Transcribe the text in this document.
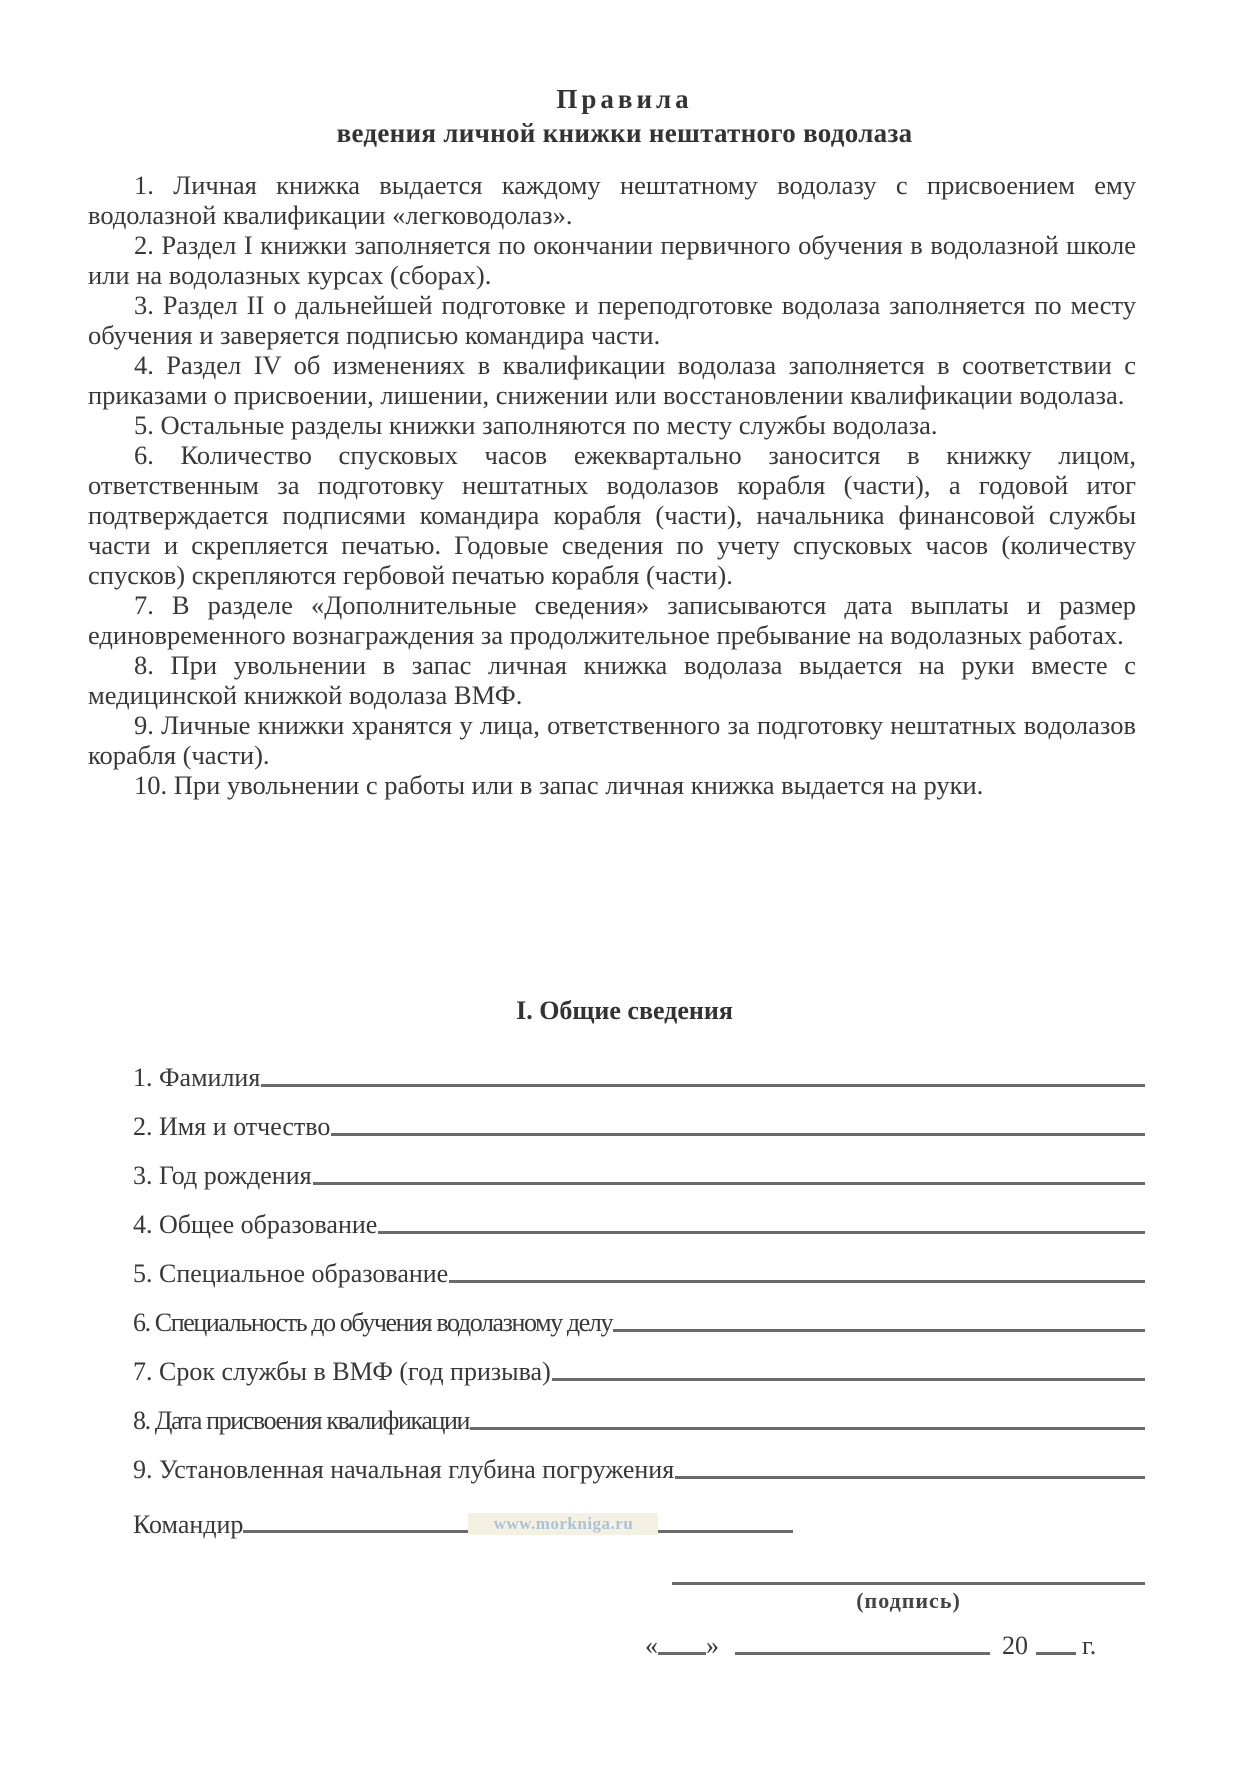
Правила
ведения личной книжки нештатного водолаза

1. Личная книжка выдается каждому нештатному водолазу с присвоением ему водолазной квалификации «легководолаз».

2. Раздел I книжки заполняется по окончании первичного обучения в водолазной школе или на водолазных курсах (сборах).

3. Раздел II о дальнейшей подготовке и переподготовке водолаза заполняется по месту обучения и заверяется подписью командира части.

4. Раздел IV об изменениях в квалификации водолаза заполняется в соответствии с приказами о присвоении, лишении, снижении или восстановлении квалификации водолаза.

5. Остальные разделы книжки заполняются по месту службы водолаза.

6. Количество спусковых часов ежеквартально заносится в книжку лицом, ответственным за подготовку нештатных водолазов корабля (части), а годовой итог подтверждается подписями командира корабля (части), начальника финансовой службы части и скрепляется печатью. Годовые сведения по учету спусковых часов (количеству спусков) скрепляются гербовой печатью корабля (части).

7. В разделе «Дополнительные сведения» записываются дата выплаты и размер единовременного вознаграждения за продолжительное пребывание на водолазных работах.

8. При увольнении в запас личная книжка водолаза выдается на руки вместе с медицинской книжкой водолаза ВМФ.

9. Личные книжки хранятся у лица, ответственного за подготовку нештатных водолазов корабля (части).

10. При увольнении с работы или в запас личная книжка выдается на руки.

I. Общие сведения
1. Фамилия
2. Имя и отчество
3. Год рождения
4. Общее образование
5. Специальное образование
6. Специальность до обучения водолазному делу
7. Срок службы в ВМФ (год призыва)
8. Дата присвоения квалификации
9. Установленная начальная глубина погружения
Командир	www.morkniga.ru
(подпись)
« »	20 г.
